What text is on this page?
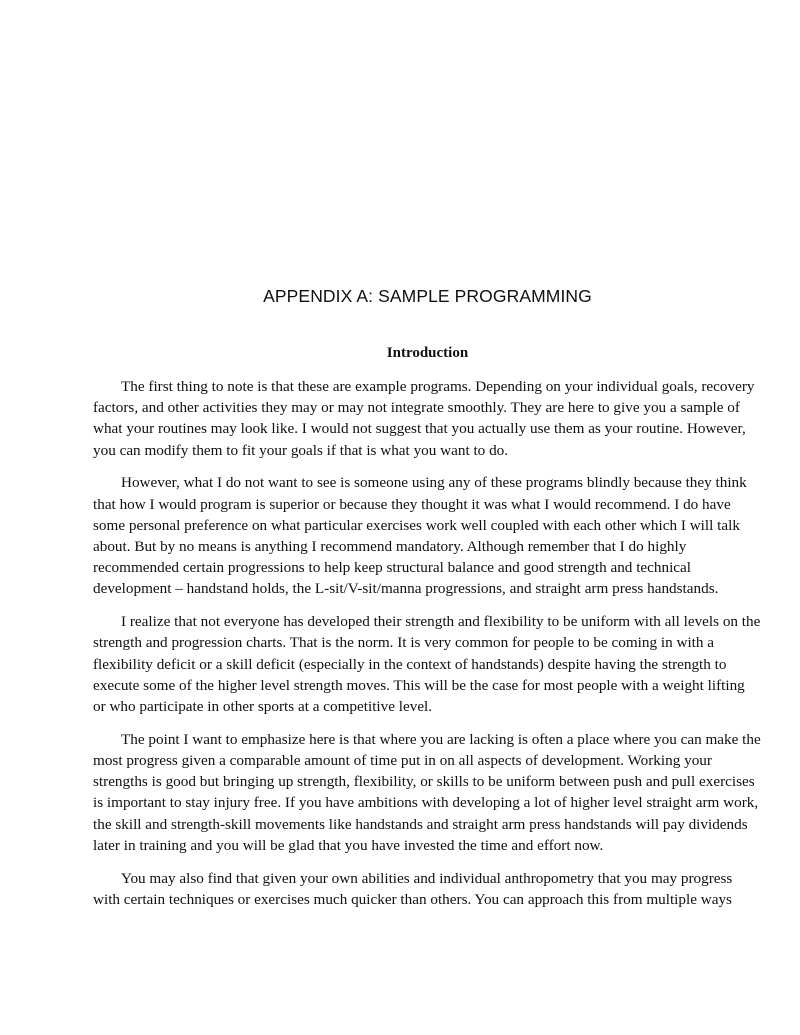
APPENDIX A: SAMPLE PROGRAMMING
Introduction

The first thing to note is that these are example programs. Depending on your individual goals, recovery factors, and other activities they may or may not integrate smoothly. They are here to give you a sample of what your routines may look like. I would not suggest that you actually use them as your routine. However, you can modify them to fit your goals if that is what you want to do.

However, what I do not want to see is someone using any of these programs blindly because they think that how I would program is superior or because they thought it was what I would recommend. I do have some personal preference on what particular exercises work well coupled with each other which I will talk about. But by no means is anything I recommend mandatory. Although remember that I do highly recommended certain progressions to help keep structural balance and good strength and technical development – handstand holds, the L-sit/V-sit/manna progressions, and straight arm press handstands.

I realize that not everyone has developed their strength and flexibility to be uniform with all levels on the strength and progression charts. That is the norm. It is very common for people to be coming in with a flexibility deficit or a skill deficit (especially in the context of handstands) despite having the strength to execute some of the higher level strength moves. This will be the case for most people with a weight lifting or who participate in other sports at a competitive level.

The point I want to emphasize here is that where you are lacking is often a place where you can make the most progress given a comparable amount of time put in on all aspects of development. Working your strengths is good but bringing up strength, flexibility, or skills to be uniform between push and pull exercises is important to stay injury free. If you have ambitions with developing a lot of higher level straight arm work, the skill and strength-skill movements like handstands and straight arm press handstands will pay dividends later in training and you will be glad that you have invested the time and effort now.

You may also find that given your own abilities and individual anthropometry that you may progress with certain techniques or exercises much quicker than others. You can approach this from multiple ways
